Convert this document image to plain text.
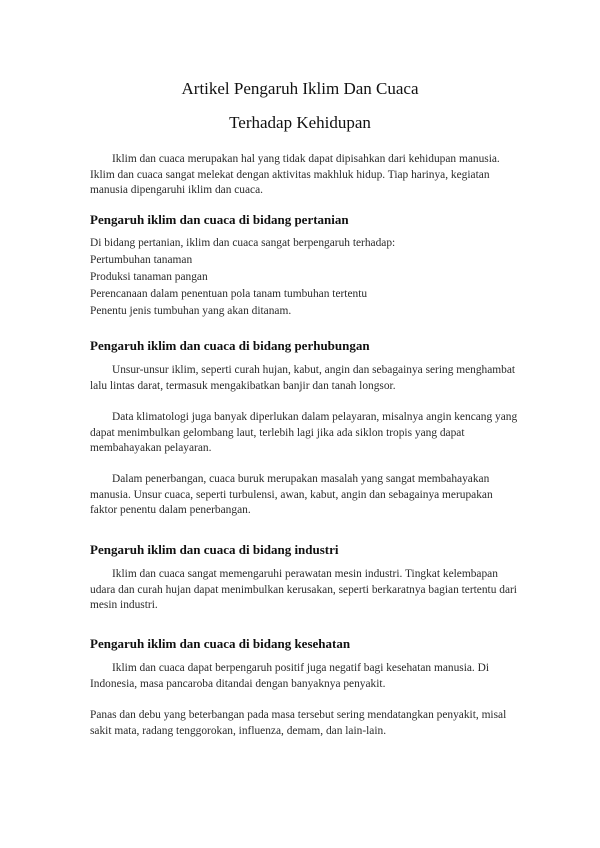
Artikel Pengaruh Iklim Dan Cuaca
Terhadap Kehidupan
Iklim dan cuaca merupakan hal yang tidak dapat dipisahkan dari kehidupan manusia. Iklim dan cuaca sangat melekat dengan aktivitas makhluk hidup. Tiap harinya, kegiatan manusia dipengaruhi iklim dan cuaca.
Pengaruh iklim dan cuaca di bidang pertanian
Di bidang pertanian, iklim dan cuaca sangat berpengaruh terhadap:
Pertumbuhan tanaman
Produksi tanaman pangan
Perencanaan dalam penentuan pola tanam tumbuhan tertentu
Penentu jenis tumbuhan yang akan ditanam.
Pengaruh iklim dan cuaca di bidang perhubungan
Unsur-unsur iklim, seperti curah hujan, kabut, angin dan sebagainya sering menghambat lalu lintas darat, termasuk mengakibatkan banjir dan tanah longsor.
Data klimatologi juga banyak diperlukan dalam pelayaran, misalnya angin kencang yang dapat menimbulkan gelombang laut, terlebih lagi jika ada siklon tropis yang dapat membahayakan pelayaran.
Dalam penerbangan, cuaca buruk merupakan masalah yang sangat membahayakan manusia. Unsur cuaca, seperti turbulensi, awan, kabut, angin dan sebagainya merupakan faktor penentu dalam penerbangan.
Pengaruh iklim dan cuaca di bidang industri
Iklim dan cuaca sangat memengaruhi perawatan mesin industri. Tingkat kelembapan udara dan curah hujan dapat menimbulkan kerusakan, seperti berkaratnya bagian tertentu dari mesin industri.
Pengaruh iklim dan cuaca di bidang kesehatan
Iklim dan cuaca dapat berpengaruh positif juga negatif bagi kesehatan manusia. Di Indonesia, masa pancaroba ditandai dengan banyaknya penyakit.
Panas dan debu yang beterbangan pada masa tersebut sering mendatangkan penyakit, misal sakit mata, radang tenggorokan, influenza, demam, dan lain-lain.
